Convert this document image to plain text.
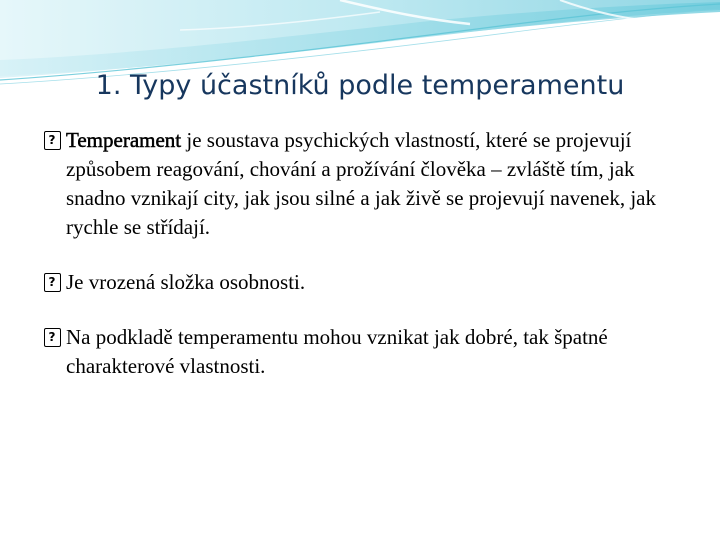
1. Typy účastníků podle temperamentu
?
Temperament je soustava psychických vlastností, které se projevují způsobem reagování, chování a prožívání člověka – zvláště tím, jak snadno vznikají city, jak jsou silné a jak živě se projevují navenek, jak rychle se střídají.
?
Je vrozená složka osobnosti.
?
Na podkladě temperamentu mohou vznikat jak dobré, tak špatné charakterové vlastnosti.
